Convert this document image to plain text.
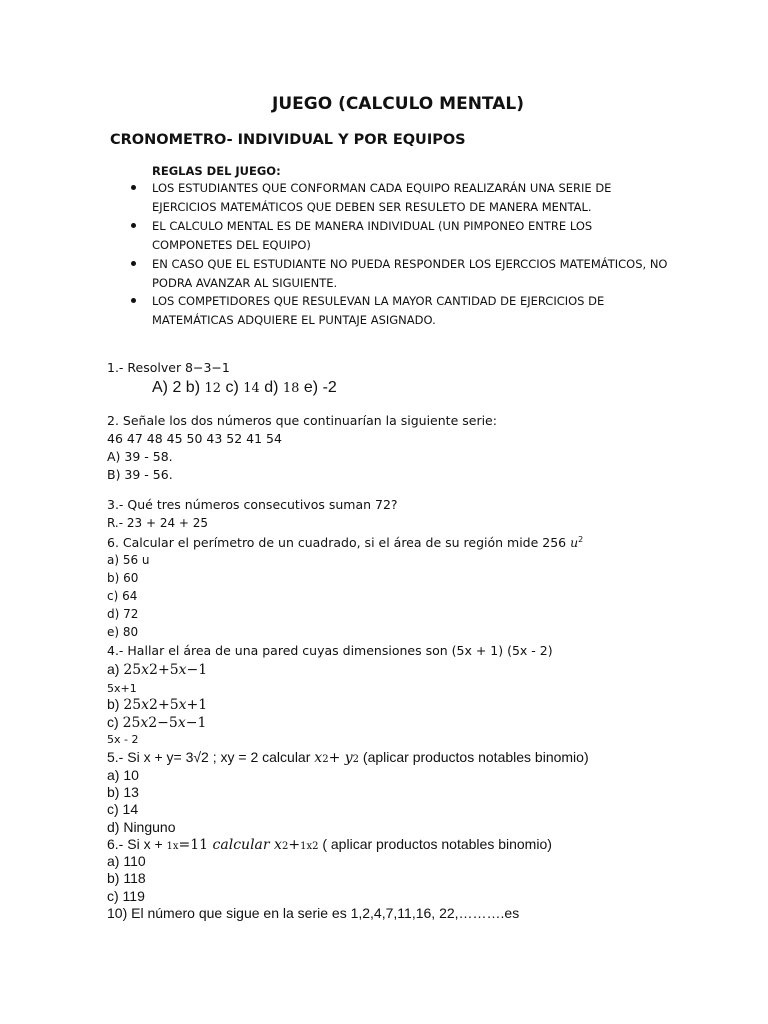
JUEGO (CALCULO MENTAL)
CRONOMETRO- INDIVIDUAL Y POR EQUIPOS
REGLAS DEL JUEGO:
LOS ESTUDIANTES QUE CONFORMAN CADA EQUIPO REALIZARÁN UNA SERIE DE EJERCICIOS MATEMÁTICOS QUE DEBEN SER RESULETO DE MANERA MENTAL.
EL CALCULO MENTAL ES DE MANERA INDIVIDUAL (UN PIMPONEO ENTRE LOS COMPONETES DEL EQUIPO)
EN CASO QUE EL ESTUDIANTE NO PUEDA RESPONDER LOS EJERCCIOS MATEMÁTICOS, NO PODRA AVANZAR AL SIGUIENTE.
LOS COMPETIDORES QUE RESULEVAN LA MAYOR CANTIDAD DE EJERCICIOS DE MATEMÁTICAS ADQUIERE EL PUNTAJE ASIGNADO.
1.- Resolver 8−3−1
A) 2 b) 12 c) 14 d) 18 e) -2
2. Señale los dos números que continuarían la siguiente serie:
46 47 48 45 50 43 52 41 54
A) 39 - 58.
B) 39 - 56.
3.- Qué tres números consecutivos suman 72?
R.- 23 + 24 + 25
6. Calcular el perímetro de un cuadrado, si el área de su región mide 256 $u^2$
a) 56 u
b) 60
c) 64
d) 72
e) 80
4.- Hallar el área de una pared cuyas dimensiones son (5x + 1) (5x - 2)
a) 25𝑥2+5𝑥−1
5x+1
b) 25𝑥2+5𝑥+1
c) 25𝑥2−5𝑥−1
5x - 2
5.- Si x + y= 3√2 ; xy = 2 calcular 𝑥2+ 𝑦2 (aplicar productos notables binomio)
a) 10
b) 13
c) 14
d) Ninguno
6.- Si x + 1x=11 𝑐𝑎𝑙𝑐𝑢𝑙𝑎𝑟 𝑥2+1x2 ( aplicar productos notables binomio)
a) 110
b) 118
c) 119
10) El número que sigue en la serie es 1,2,4,7,11,16, 22,……….es
